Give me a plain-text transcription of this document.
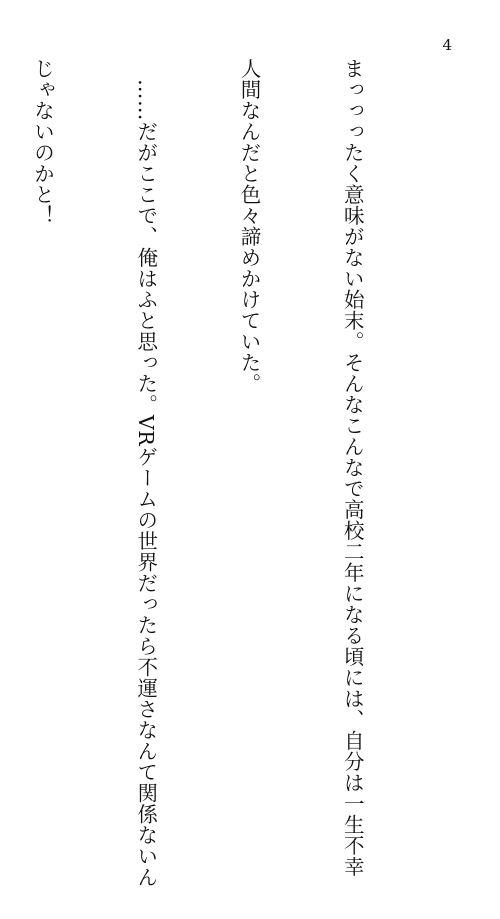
4

まっっったく意味がない始末。そんなこんなで高校二年になる頃には、自分は一生不幸

人間なんだと色々諦めかけていた。

　……だがここで、俺はふと思った。VRゲームの世界だったら不運さなんて関係ないん

じゃないのかと！
